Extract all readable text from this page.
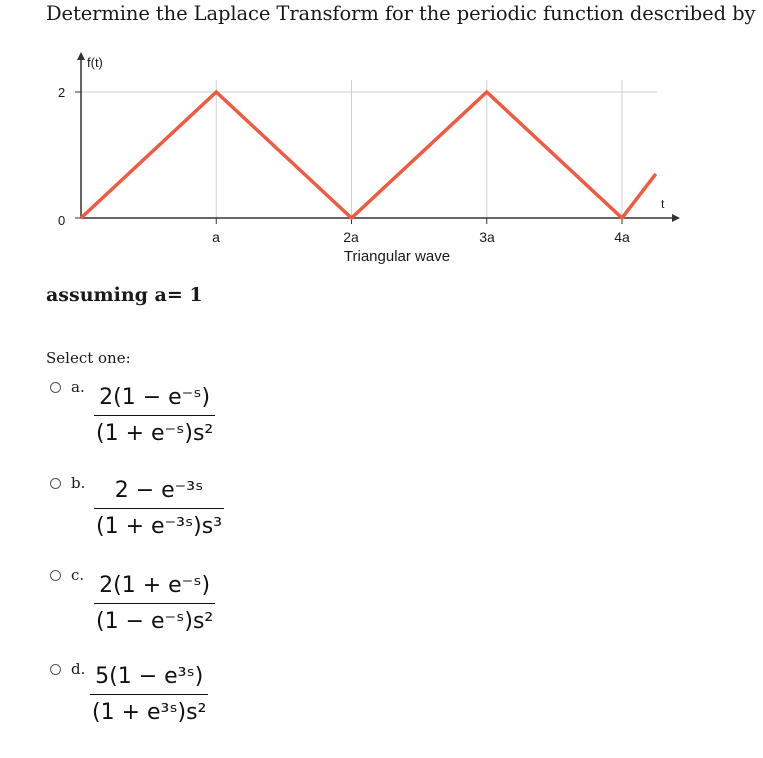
Determine the Laplace Transform for the periodic function described by
f(t)
t
0
2
a	2a	3a	4a
Triangular wave
assuming a= 1
Select one:
a. 2(1 − e⁻ˢ)
(1 + e⁻ˢ)s²
b. 2 − e⁻³ˢ
(1 + e⁻³ˢ)s³
c. 2(1 + e⁻ˢ)
(1 − e⁻ˢ)s²
d. 5(1 − e³ˢ)
(1 + e³ˢ)s²
